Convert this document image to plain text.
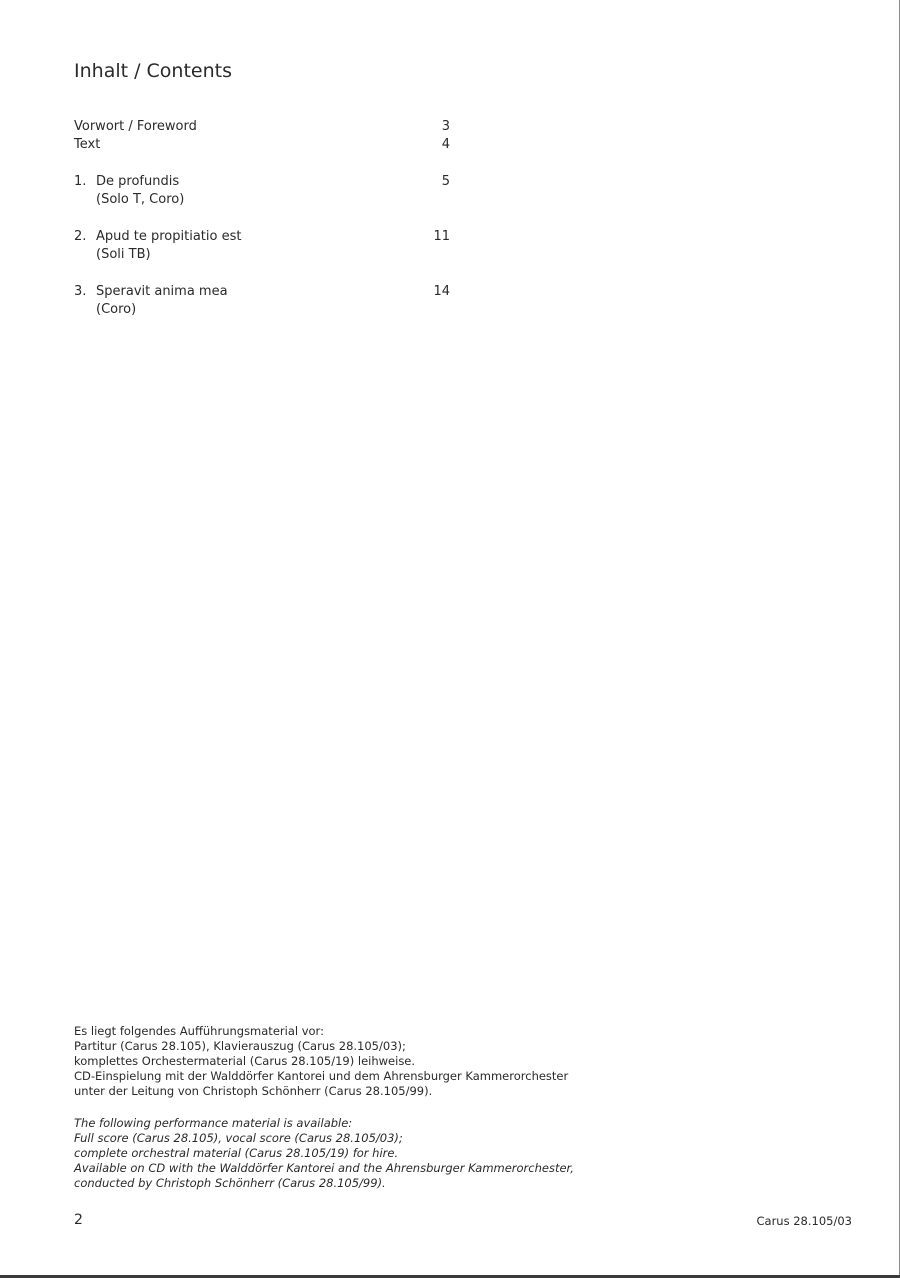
Inhalt / Contents
Vorwort / Foreword	3
Text	4
1. De profundis	5
(Solo T, Coro)
2. Apud te propitiatio est	11
(Soli TB)
3. Speravit anima mea	14
(Coro)
Es liegt folgendes Aufführungsmaterial vor:
Partitur (Carus 28.105), Klavierauszug (Carus 28.105/03);
komplettes Orchestermaterial (Carus 28.105/19) leihweise.
CD-Einspielung mit der Walddörfer Kantorei und dem Ahrensburger Kammerorchester
unter der Leitung von Christoph Schönherr (Carus 28.105/99).
The following performance material is available:
Full score (Carus 28.105), vocal score (Carus 28.105/03);
complete orchestral material (Carus 28.105/19) for hire.
Available on CD with the Walddörfer Kantorei and the Ahrensburger Kammerorchester,
conducted by Christoph Schönherr (Carus 28.105/99).
2	Carus 28.105/03
